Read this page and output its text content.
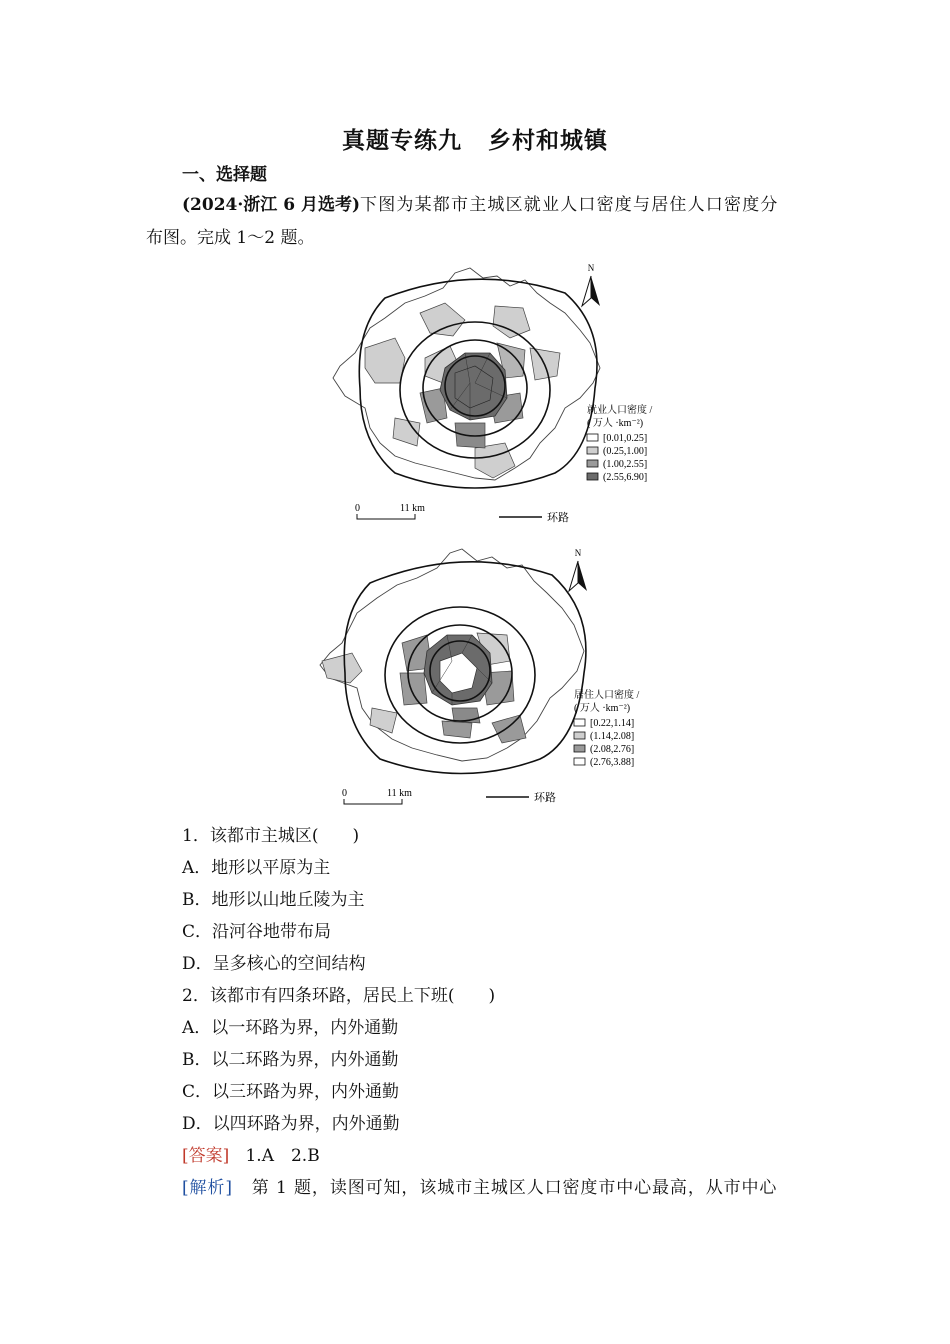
真题专练九 乡村和城镇
一、选择题
(2024·浙江 6 月选考)下图为某都市主城区就业人口密度与居住人口密度分
布图。完成 1～2 题。
N
就业人口密度 /
( 万人 ·km⁻²)
[0.01,0.25]
(0.25,1.00]
(1.00,2.55]
(2.55,6.90]
0	11 km
环路
N
居住人口密度 /
( 万人 ·km⁻²)
[0.22,1.14]
(1.14,2.08]
(2.08,2.76]
(2.76,3.88]
0	11 km	环路
1．该都市主城区(　　)
A．地形以平原为主
B．地形以山地丘陵为主
C．沿河谷地带布局
D．呈多核心的空间结构
2．该都市有四条环路，居民上下班(　　)
A．以一环路为界，内外通勤
B．以二环路为界，内外通勤
C．以三环路为界，内外通勤
D．以四环路为界，内外通勤
[答案] 1.A　2.B
[解析] 第 1 题，读图可知，该城市主城区人口密度市中心最高，从市中心
